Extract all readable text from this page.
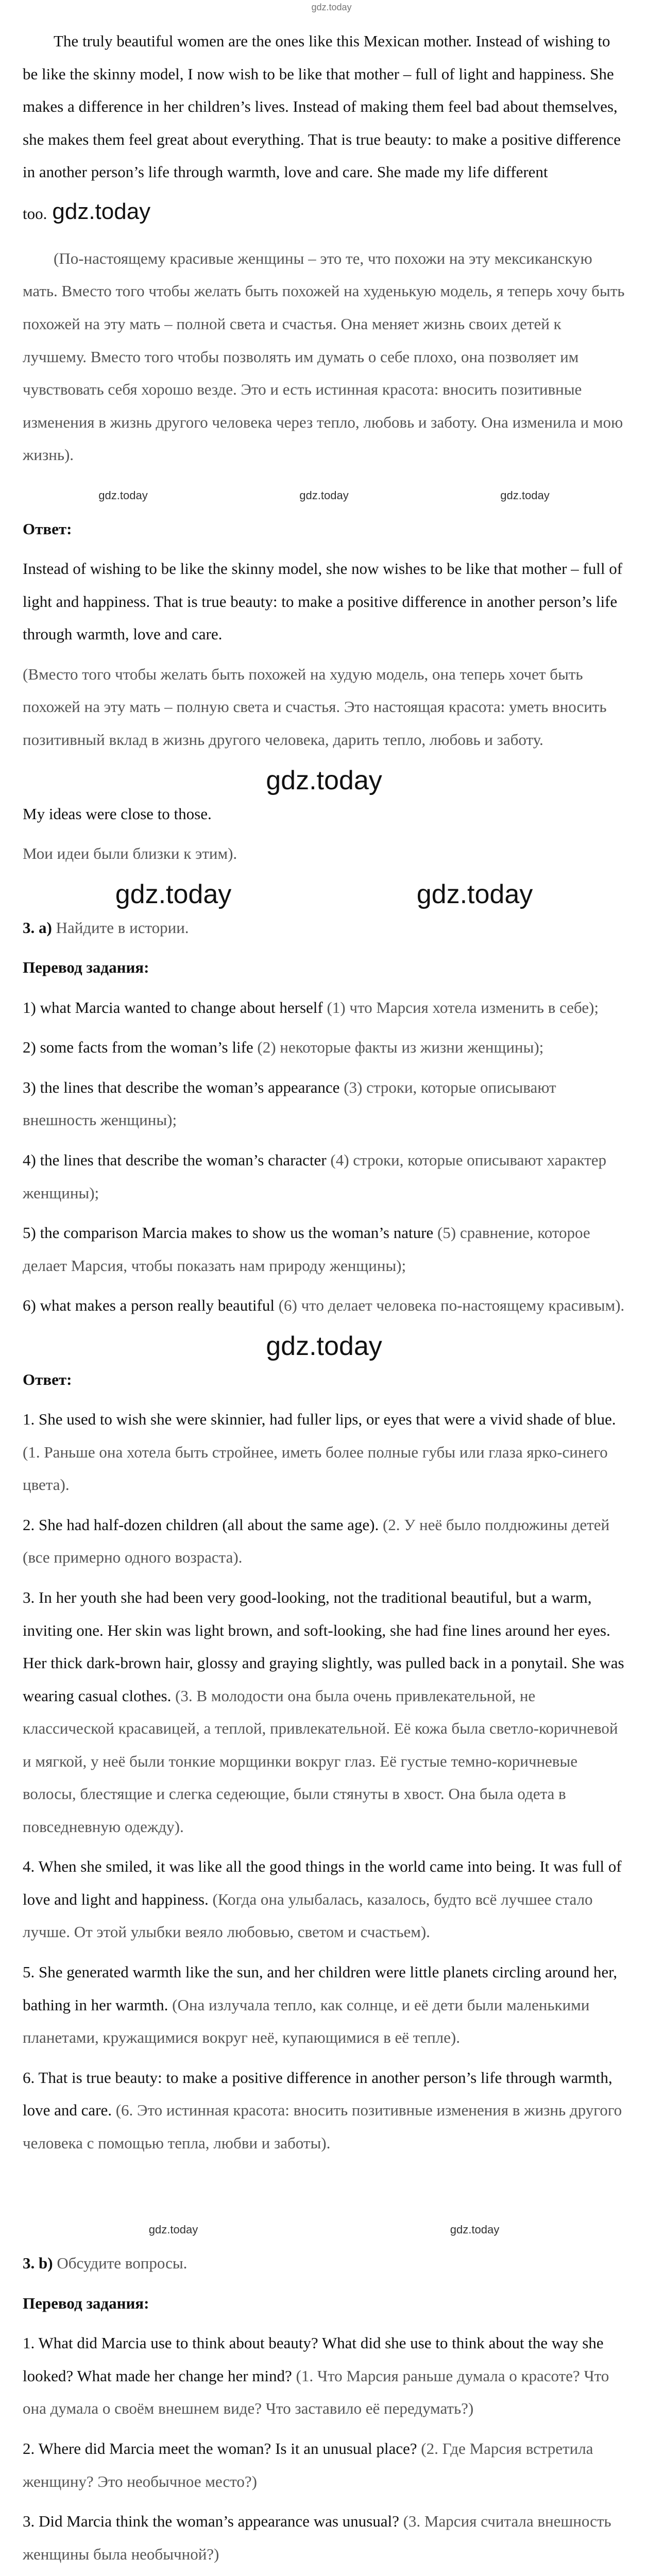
gdz.today

The truly beautiful women are the ones like this Mexican mother. Instead of wishing to be like the skinny model, I now wish to be like that mother – full of light and happiness. She makes a difference in her children’s lives. Instead of making them feel bad about themselves, she makes them feel great about everything. That is true beauty: to make a positive difference in another person’s life through warmth, love and care. She made my life different too. gdz.today

(По-настоящему красивые женщины – это те, что похожи на эту мексиканскую мать. Вместо того чтобы желать быть похожей на худенькую модель, я теперь хочу быть похожей на эту мать – полной света и счастья. Она меняет жизнь своих детей к лучшему. Вместо того чтобы позволять им думать о себе плохо, она позволяет им чувствовать себя хорошо везде. Это и есть истинная красота: вносить позитивные изменения в жизнь другого человека через тепло, любовь и заботу. Она изменила и мою жизнь).

gdz.today	gdz.today	gdz.today

Ответ:

Instead of wishing to be like the skinny model, she now wishes to be like that mother – full of light and happiness. That is true beauty: to make a positive difference in another person’s life through warmth, love and care.

(Вместо того чтобы желать быть похожей на худую модель, она теперь хочет быть похожей на эту мать – полную света и счастья. Это настоящая красота: уметь вносить позитивный вклад в жизнь другого человека, дарить тепло, любовь и заботу.

gdz.today

My ideas were close to those.

Мои идеи были близки к этим).

gdz.today	gdz.today

3. а) Найдите в истории.

Перевод задания:

1) what Marcia wanted to change about herself (1) что Марсия хотела изменить в себе);

2) some facts from the woman’s life (2) некоторые факты из жизни женщины);

3) the lines that describe the woman’s appearance (3) строки, которые описывают внешность женщины);

4) the lines that describe the woman’s character (4) строки, которые описывают характер женщины);

5) the comparison Marcia makes to show us the woman’s nature (5) сравнение, которое делает Марсия, чтобы показать нам природу женщины);

6) what makes a person really beautiful (6) что делает человека по-настоящему красивым).

gdz.today

Ответ:

1. She used to wish she were skinnier, had fuller lips, or eyes that were a vivid shade of blue. (1. Раньше она хотела быть стройнее, иметь более полные губы или глаза ярко-синего цвета).

2. She had half-dozen children (all about the same age). (2. У неё было полдюжины детей (все примерно одного возраста).

3. In her youth she had been very good-looking, not the traditional beautiful, but a warm, inviting one. Her skin was light brown, and soft-looking, she had fine lines around her eyes. Her thick dark-brown hair, glossy and graying slightly, was pulled back in a ponytail. She was wearing casual clothes. (3. В молодости она была очень привлекательной, не классической красавицей, а теплой, привлекательной. Её кожа была светло-коричневой и мягкой, у неё были тонкие морщинки вокруг глаз. Её густые темно-коричневые волосы, блестящие и слегка седеющие, были стянуты в хвост. Она была одета в повседневную одежду).

4. When she smiled, it was like all the good things in the world came into being. It was full of love and light and happiness. (Когда она улыбалась, казалось, будто всё лучшее стало лучше. От этой улыбки веяло любовью, светом и счастьем).

5. She generated warmth like the sun, and her children were little planets circling around her, bathing in her warmth. (Она излучала тепло, как солнце, и её дети были маленькими планетами, кружащимися вокруг неё, купающимися в её тепле).

6. That is true beauty: to make a positive difference in another person’s life through warmth, love and care. (6. Это истинная красота: вносить позитивные изменения в жизнь другого человека с помощью тепла, любви и заботы).

gdz.today	gdz.today

3. b) Обсудите вопросы.

Перевод задания:

1. What did Marcia use to think about beauty? What did she use to think about the way she looked? What made her change her mind? (1. Что Марсия раньше думала о красоте? Что она думала о своём внешнем виде? Что заставило её передумать?)

2. Where did Marcia meet the woman? Is it an unusual place? (2. Где Марсия встретила женщину? Это необычное место?)

3. Did Marcia think the woman’s appearance was unusual? (3. Марсия считала внешность женщины была необычной?)
